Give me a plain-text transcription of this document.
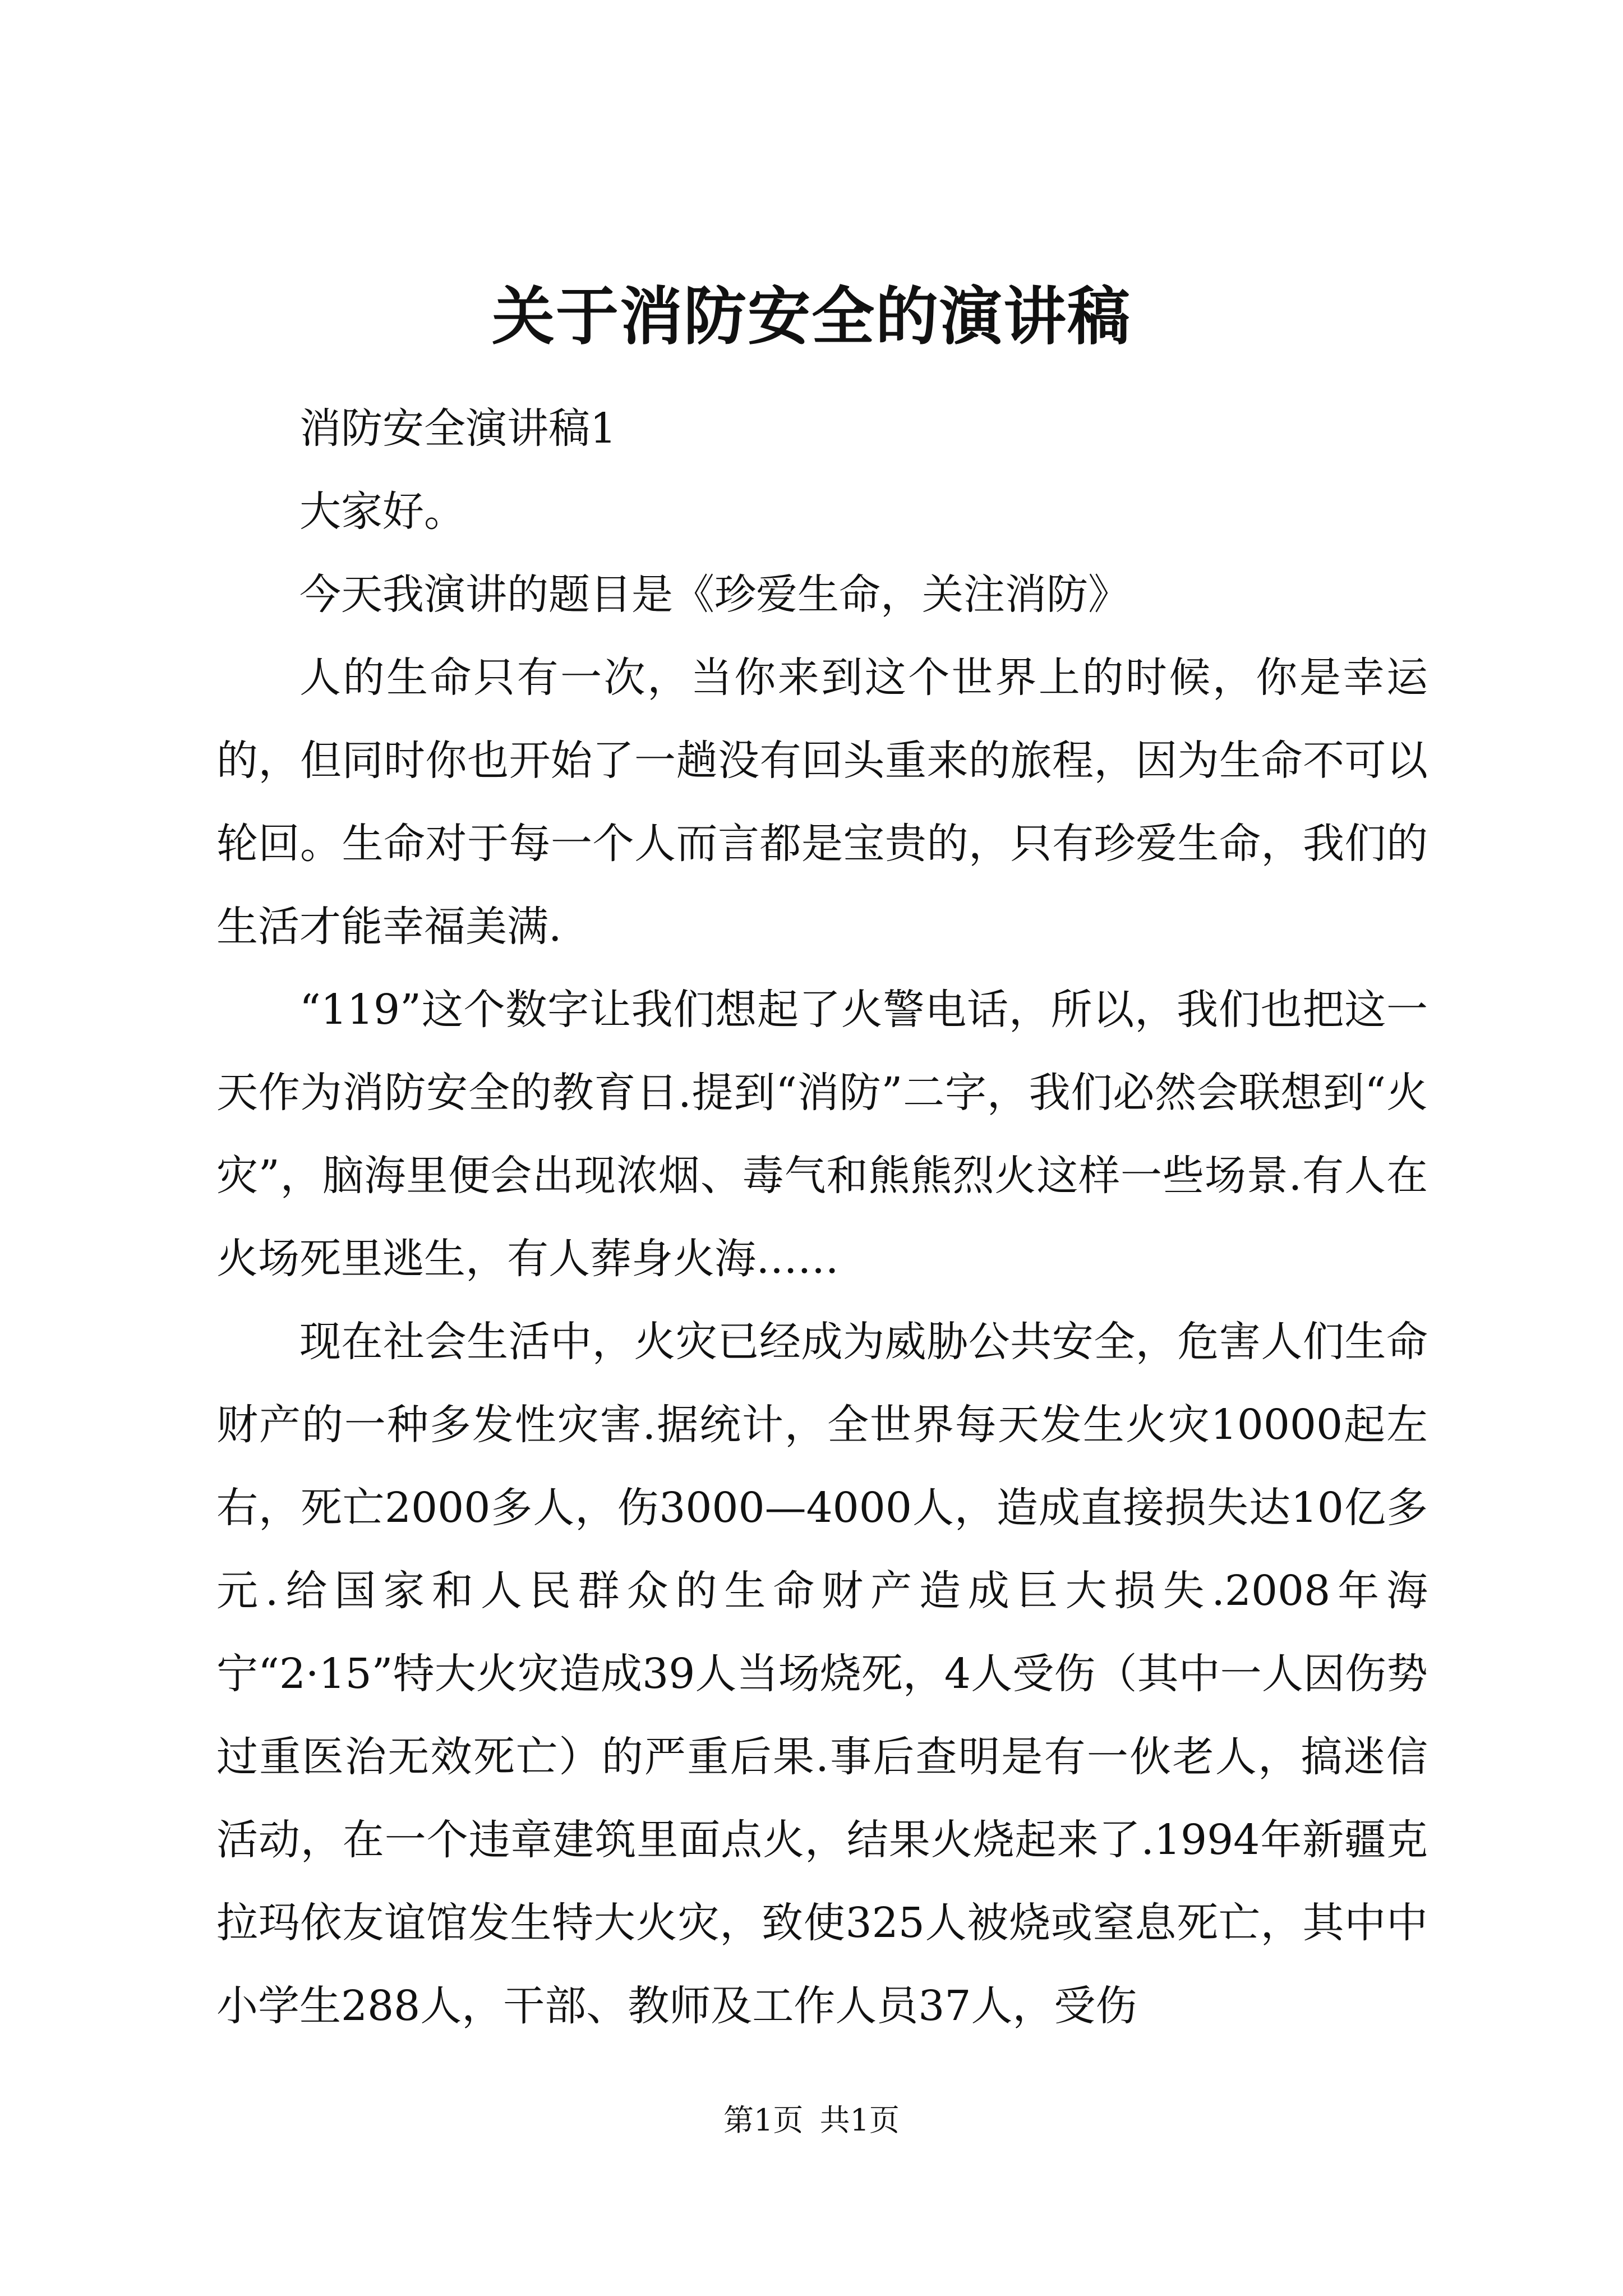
关于消防安全的演讲稿

消防安全演讲稿1

大家好。

今天我演讲的题目是《珍爱生命，关注消防》

人的生命只有一次，当你来到这个世界上的时候，你是幸运的，但同时你也开始了一趟没有回头重来的旅程，因为生命不可以轮回。生命对于每一个人而言都是宝贵的，只有珍爱生命，我们的生活才能幸福美满.

“119”这个数字让我们想起了火警电话，所以，我们也把这一天作为消防安全的教育日.提到“消防”二字，我们必然会联想到“火灾”，脑海里便会出现浓烟、毒气和熊熊烈火这样一些场景.有人在火场死里逃生，有人葬身火海……

现在社会生活中，火灾已经成为威胁公共安全，危害人们生命财产的一种多发性灾害.据统计，全世界每天发生火灾10000起左右，死亡2000多人，伤3000—4000人，造成直接损失达10亿多元.给国家和人民群众的生命财产造成巨大损失.2008年海宁“2·15”特大火灾造成39人当场烧死，4人受伤（其中一人因伤势过重医治无效死亡）的严重后果.事后查明是有一伙老人，搞迷信活动，在一个违章建筑里面点火，结果火烧起来了.1994年新疆克拉玛依友谊馆发生特大火灾，致使325人被烧或窒息死亡，其中中小学生288人，干部、教师及工作人员37人，受伤

第1页 共1页
